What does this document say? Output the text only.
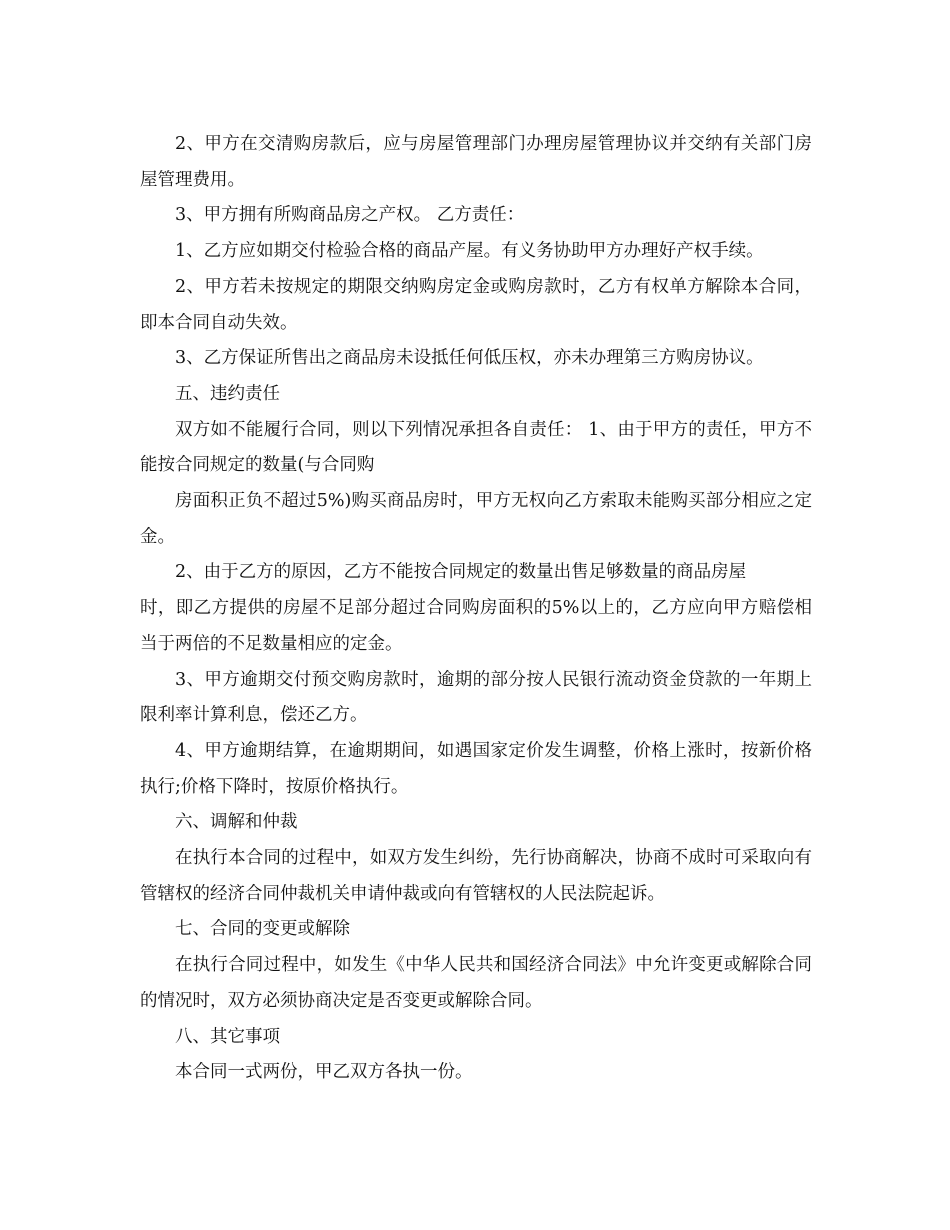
2、甲方在交清购房款后，应与房屋管理部门办理房屋管理协议并交纳有关部门房屋管理费用。

3、甲方拥有所购商品房之产权。 乙方责任：

1、乙方应如期交付检验合格的商品产屋。有义务协助甲方办理好产权手续。

2、甲方若未按规定的期限交纳购房定金或购房款时，乙方有权单方解除本合同，即本合同自动失效。

3、乙方保证所售出之商品房未设抵任何低压权，亦未办理第三方购房协议。

五、违约责任

双方如不能履行合同，则以下列情况承担各自责任： 1、由于甲方的责任，甲方不能按合同规定的数量(与合同购

房面积正负不超过5%)购买商品房时，甲方无权向乙方索取未能购买部分相应之定金。

2、由于乙方的原因，乙方不能按合同规定的数量出售足够数量的商品房屋

时，即乙方提供的房屋不足部分超过合同购房面积的5%以上的，乙方应向甲方赔偿相当于两倍的不足数量相应的定金。

3、甲方逾期交付预交购房款时，逾期的部分按人民银行流动资金贷款的一年期上限利率计算利息，偿还乙方。

4、甲方逾期结算，在逾期期间，如遇国家定价发生调整，价格上涨时，按新价格执行;价格下降时，按原价格执行。

六、调解和仲裁

在执行本合同的过程中，如双方发生纠纷，先行协商解决，协商不成时可采取向有管辖权的经济合同仲裁机关申请仲裁或向有管辖权的人民法院起诉。

七、合同的变更或解除

在执行合同过程中，如发生《中华人民共和国经济合同法》中允许变更或解除合同的情况时，双方必须协商决定是否变更或解除合同。

八、其它事项

本合同一式两份，甲乙双方各执一份。
